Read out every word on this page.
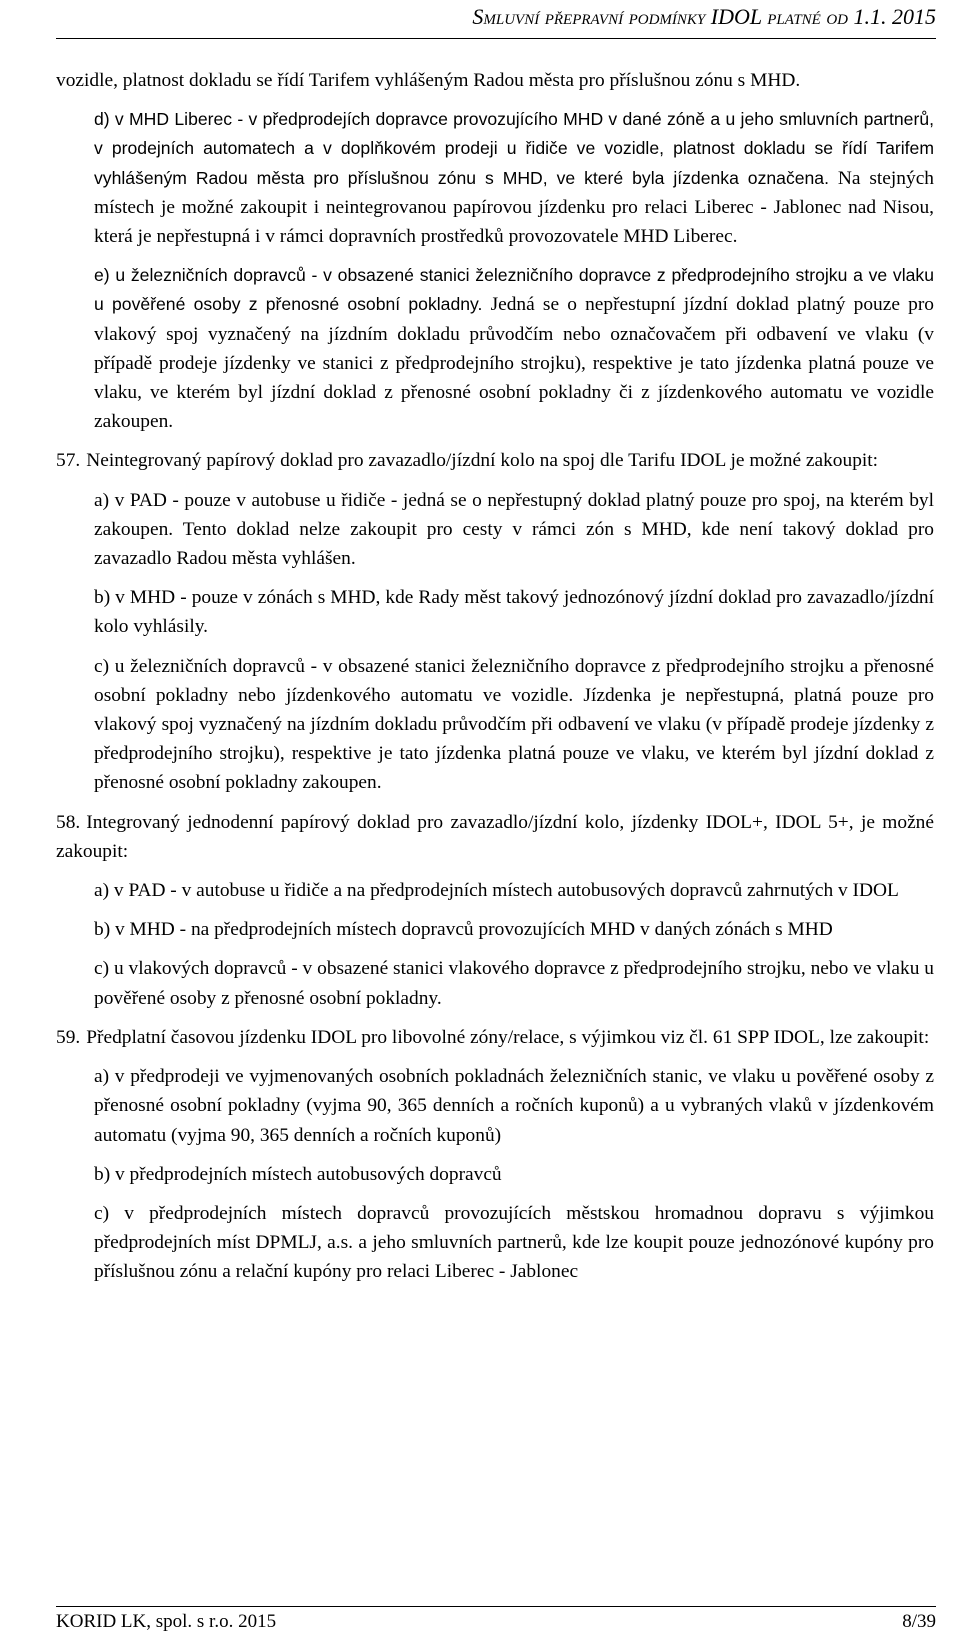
Smluvní přepravní podmínky IDOL platné od 1.1. 2015

vozidle, platnost dokladu se řídí Tarifem vyhlášeným Radou města pro příslušnou zónu s MHD.

d) v MHD Liberec - v předprodejích dopravce provozujícího MHD v dané zóně a u jeho smluvních partnerů, v prodejních automatech a v doplňkovém prodeji u řidiče ve vozidle, platnost dokladu se řídí Tarifem vyhlášeným Radou města pro příslušnou zónu s MHD, ve které byla jízdenka označena. Na stejných místech je možné zakoupit i neintegrovanou papírovou jízdenku pro relaci Liberec - Jablonec nad Nisou, která je nepřestupná i v rámci dopravních prostředků provozovatele MHD Liberec.

e) u železničních dopravců - v obsazené stanici železničního dopravce z předprodejního strojku a ve vlaku u pověřené osoby z přenosné osobní pokladny. Jedná se o nepřestupní jízdní doklad platný pouze pro vlakový spoj vyznačený na jízdním dokladu průvodčím nebo označovačem při odbavení ve vlaku (v případě prodeje jízdenky ve stanici z předprodejního strojku), respektive je tato jízdenka platná pouze ve vlaku, ve kterém byl jízdní doklad z přenosné osobní pokladny či z jízdenkového automatu ve vozidle zakoupen.

57. Neintegrovaný papírový doklad pro zavazadlo/jízdní kolo na spoj dle Tarifu IDOL je možné zakoupit:

a) v PAD - pouze v autobuse u řidiče - jedná se o nepřestupný doklad platný pouze pro spoj, na kterém byl zakoupen. Tento doklad nelze zakoupit pro cesty v rámci zón s MHD, kde není takový doklad pro zavazadlo Radou města vyhlášen.

b) v MHD - pouze v zónách s MHD, kde Rady měst takový jednozónový jízdní doklad pro zavazadlo/jízdní kolo vyhlásily.

c) u železničních dopravců - v obsazené stanici železničního dopravce z předprodejního strojku a přenosné osobní pokladny nebo jízdenkového automatu ve vozidle. Jízdenka je nepřestupná, platná pouze pro vlakový spoj vyznačený na jízdním dokladu průvodčím při odbavení ve vlaku (v případě prodeje jízdenky z předprodejního strojku), respektive je tato jízdenka platná pouze ve vlaku, ve kterém byl jízdní doklad z přenosné osobní pokladny zakoupen.

58. Integrovaný jednodenní papírový doklad pro zavazadlo/jízdní kolo, jízdenky IDOL+, IDOL 5+, je možné zakoupit:

a) v PAD - v autobuse u řidiče a na předprodejních místech autobusových dopravců zahrnutých v IDOL

b) v MHD - na předprodejních místech dopravců provozujících MHD v daných zónách s MHD

c) u vlakových dopravců - v obsazené stanici vlakového dopravce z předprodejního strojku, nebo ve vlaku u pověřené osoby z přenosné osobní pokladny.

59. Předplatní časovou jízdenku IDOL pro libovolné zóny/relace, s výjimkou viz čl. 61 SPP IDOL, lze zakoupit:

a) v předprodeji ve vyjmenovaných osobních pokladnách železničních stanic, ve vlaku u pověřené osoby z přenosné osobní pokladny (vyjma 90, 365 denních a ročních kuponů) a u vybraných vlaků v jízdenkovém automatu (vyjma 90, 365 denních a ročních kuponů)

b) v předprodejních místech autobusových dopravců

c) v předprodejních místech dopravců provozujících městskou hromadnou dopravu s výjimkou předprodejních míst DPMLJ, a.s. a jeho smluvních partnerů, kde lze koupit pouze jednozónové kupóny pro příslušnou zónu a relační kupóny pro relaci Liberec - Jablonec

KORID LK, spol. s r.o. 2015	8/39
